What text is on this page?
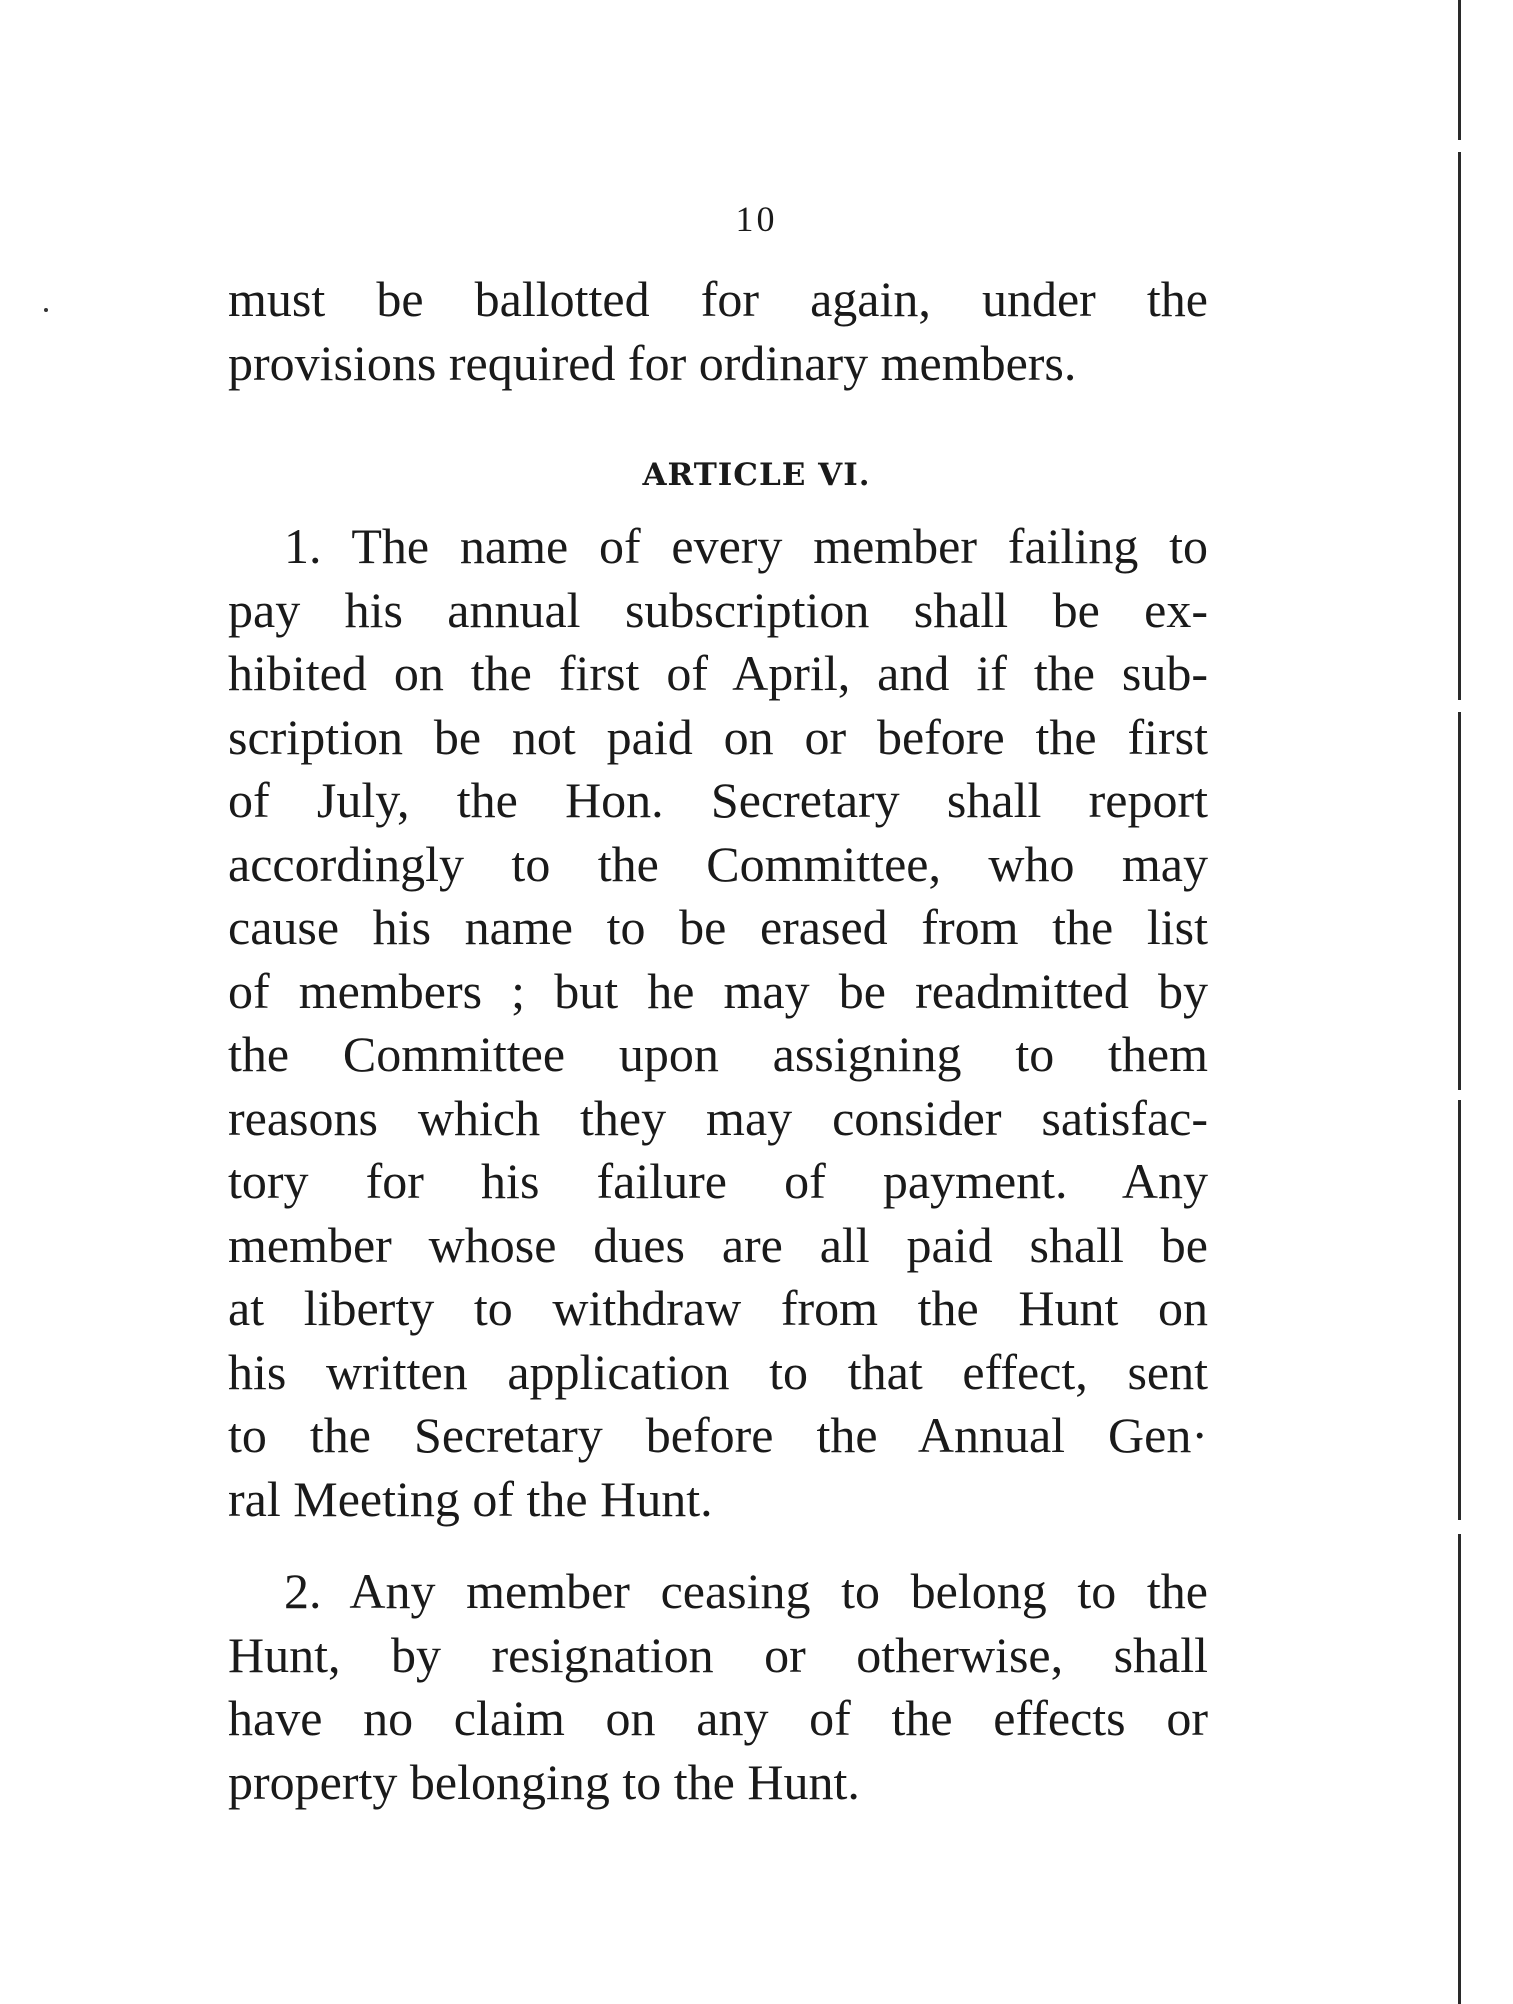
10
must be ballotted for again, under the
provisions required for ordinary members.
ARTICLE VI.
1. The name of every member failing to
pay his annual subscription shall be ex-
hibited on the first of April, and if the sub-
scription be not paid on or before the first
of July, the Hon. Secretary shall report
accordingly to the Committee, who may
cause his name to be erased from the list
of members ; but he may be readmitted by
the Committee upon assigning to them
reasons which they may consider satisfac-
tory for his failure of payment. Any
member whose dues are all paid shall be
at liberty to withdraw from the Hunt on
his written application to that effect, sent
to the Secretary before the Annual Gen·
ral Meeting of the Hunt.
2. Any member ceasing to belong to the
Hunt, by resignation or otherwise, shall
have no claim on any of the effects or
property belonging to the Hunt.
